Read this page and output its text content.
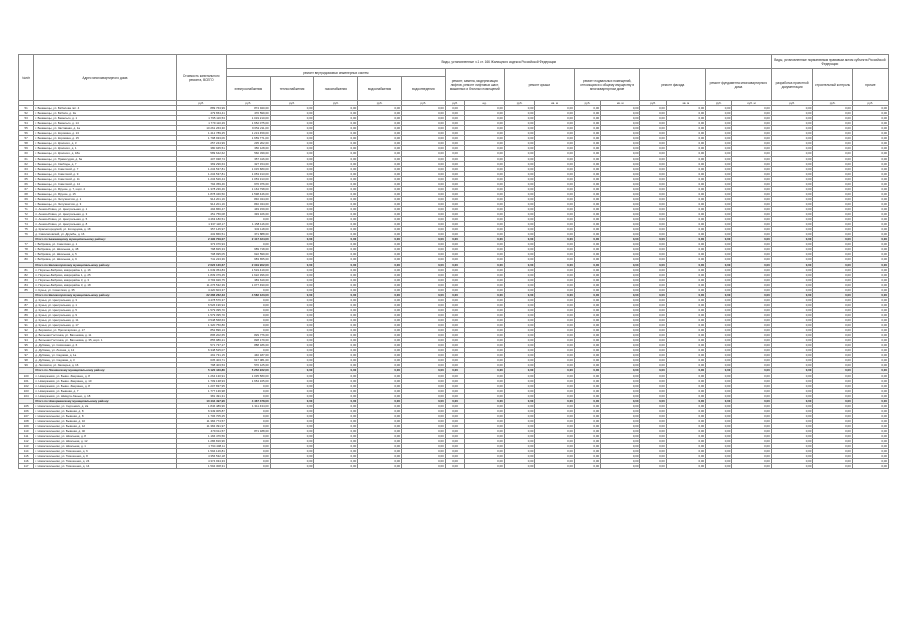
№п/п	Адрес многоквартирного дома	Стоимость капитального ремонта, ВСЕГО	Виды, установленные ч.1 ст. 166 Жилищного кодекса Российской Федерации															Виды, установленные нормативным правовым актом субъекта Российской Федерации		
			ремонт внутридомовых инженерных систем					ремонт, замена, модернизация лифтов, ремонт лифтовых шахт, машинных и блочных помещений		ремонт крыши		ремонт подвальных помещений, относящихся к общему имуществу в многоквартирном доме		ремонт фасада		ремонт фундамента многоквартирного дома		разработка проектной документации	строительный контроль	прочие
			электроснабжения	теплоснабжения	газоснабжения	водоснабжения	водоотведения													
		руб.	руб.	руб.	руб.	руб.	руб.	руб.	ед.	руб.	кв. м	руб.	кв. м	руб.	кв. м	руб.	куб. м	руб.	руб.	руб.
51	г. Бежаницы, ул. Бэбилова лит. 4	889 763,99	874 940,00	0,00	0,00	0,00	0,00	0,00	0,00	0,00	0,00	0,00	0,00	0,00	0,00	0,00	0,00	0,00	0,00	0,00
52	г. Бежаницы, ул. Бэбила, д. 3а	479 654,41	470 599,00	0,00	0,00	0,00	0,00	0,00	0,00	0,00	0,00	0,00	0,00	0,00	0,00	0,00	0,00	0,00	0,00	0,00
53	г. Бежаницы, ул. Бевельсо, д. 1	1 795 116,53	1 019 210,00	0,00	0,00	0,00	0,00	0,00	0,00	0,00	0,00	0,00	0,00	0,00	0,00	0,00	0,00	0,00	0,00	0,00
54	г. Бежаницы, ул. Бевельсо, д. 14	1 779 110,29	1 652 075,00	0,00	0,00	0,00	0,00	0,00	0,00	0,00	0,00	0,00	0,00	0,00	0,00	0,00	0,00	0,00	0,00	0,00
55	г. Бежаницы, ул. Заставная, д. 1а	10 261 263,30	9 652 211,00	0,00	0,00	0,00	0,00	0,00	0,00	0,00	0,00	0,00	0,00	0,00	0,00	0,00	0,00	0,00	0,00	0,00
56	г. Бежаницы, ул. Коровина, д. 13	1 412 789,25	1 213 459,00	0,00	0,00	0,00	0,00	0,00	0,00	0,00	0,00	0,00	0,00	0,00	0,00	0,00	0,00	0,00	0,00	0,00
57	г. Бежаницы, ул. Коровина, д. 15	1 798 933,06	1 659 771,00	0,00	0,00	0,00	0,00	0,00	0,00	0,00	0,00	0,00	0,00	0,00	0,00	0,00	0,00	0,00	0,00	0,00
58	г. Бежаницы, ул. Красного, д. 3	257 244,99	235 202,00	0,00	0,00	0,00	0,00	0,00	0,00	0,00	0,00	0,00	0,00	0,00	0,00	0,00	0,00	0,00	0,00	0,00
59	г. Бежаницы, ул. Красного, д. 1	380 945,51	356 128,00	0,00	0,00	0,00	0,00	0,00	0,00	0,00	0,00	0,00	0,00	0,00	0,00	0,00	0,00	0,00	0,00	0,00
60	г. Бежаницы, ул. Красного, д. 18а	589 642,62	560 339,00	0,00	0,00	0,00	0,00	0,00	0,00	0,00	0,00	0,00	0,00	0,00	0,00	0,00	0,00	0,00	0,00	0,00
61	г. Бежаницы, ул. Правосудия, д. 6а	407 938,74	357 416,00	0,00	0,00	0,00	0,00	0,00	0,00	0,00	0,00	0,00	0,00	0,00	0,00	0,00	0,00	0,00	0,00	0,00
62	г. Бежаницы, ул. Свободы, д. 7	369 296,63	327 154,00	0,00	0,00	0,00	0,00	0,00	0,00	0,00	0,00	0,00	0,00	0,00	0,00	0,00	0,00	0,00	0,00	0,00
63	г. Бежаницы, ул. Советской, д. 7	1 234 537,81	1 015 680,00	0,00	0,00	0,00	0,00	0,00	0,00	0,00	0,00	0,00	0,00	0,00	0,00	0,00	0,00	0,00	0,00	0,00
64	г. Бежаницы, ул. Советской, д. 9	1 234 537,81	1 053 313,00	0,00	0,00	0,00	0,00	0,00	0,00	0,00	0,00	0,00	0,00	0,00	0,00	0,00	0,00	0,00	0,00	0,00
65	г. Бежаницы, ул. Советской, д. 11	1 234 526,44	1 053 313,00	0,00	0,00	0,00	0,00	0,00	0,00	0,00	0,00	0,00	0,00	0,00	0,00	0,00	0,00	0,00	0,00	0,00
66	г. Бежаницы, ул. Советской, д. 14	794 359,46	676 076,00	0,00	0,00	0,00	0,00	0,00	0,00	0,00	0,00	0,00	0,00	0,00	0,00	0,00	0,00	0,00	0,00	0,00
67	г. Бежаницы, ул. Фрунзе, д. 7, корп. 4	1 378 236,46	1 164 798,00	0,00	0,00	0,00	0,00	0,00	0,00	0,00	0,00	0,00	0,00	0,00	0,00	0,00	0,00	0,00	0,00	0,00
68	г. Бежаницы, ул. Фрунзе, д. 15	1 878 346,50	1 598 446,00	0,00	0,00	0,00	0,00	0,00	0,00	0,00	0,00	0,00	0,00	0,00	0,00	0,00	0,00	0,00	0,00	0,00
69	г. Бежаницы, ул. Энтузиастов, д. 1	914 201,16	840 434,00	0,00	0,00	0,00	0,00	0,00	0,00	0,00	0,00	0,00	0,00	0,00	0,00	0,00	0,00	0,00	0,00	0,00
70	г. Бежаницы, ул. Энтузиастов, д. 3	914 201,16	840 434,00	0,00	0,00	0,00	0,00	0,00	0,00	0,00	0,00	0,00	0,00	0,00	0,00	0,00	0,00	0,00	0,00	0,00
71	п. Ашево-Ровно, ул. Центральная, д. 1	494 866,47	449 159,00	0,00	0,00	0,00	0,00	0,00	0,00	0,00	0,00	0,00	0,00	0,00	0,00	0,00	0,00	0,00	0,00	0,00
72	п. Ашево-Ровно, ул. Центральная, д. 3	451 756,08	393 106,00	0,00	0,00	0,00	0,00	0,00	0,00	0,00	0,00	0,00	0,00	0,00	0,00	0,00	0,00	0,00	0,00	0,00
73	п. Ашево-Ровно, ул. Центральная, д. 5	4 463 180,51	0,00	0,00	0,00	0,00	0,00	0,00	0,00	0,00	0,00	0,00	0,00	0,00	0,00	0,00	0,00	0,00	0,00	0,00
74	п. Ашево-Ровно, ул. Центральная, д. 8	1 337 118,17	1 158 116,00	0,00	0,00	0,00	0,00	0,00	0,00	0,00	0,00	0,00	0,00	0,00	0,00	0,00	0,00	0,00	0,00	0,00
75	д. Красногородский, ул. Колодцова, д. 18	357 145,97	332 118,00	0,00	0,00	0,00	0,00	0,00	0,00	0,00	0,00	0,00	0,00	0,00	0,00	0,00	0,00	0,00	0,00	0,00
76	д. Сиволаповский, ул. Дружбы, д. 16	432 866,51	371 888,00	0,00	0,00	0,00	0,00	0,00	0,00	0,00	0,00	0,00	0,00	0,00	0,00	0,00	0,00	0,00	0,00	0,00
	Итого по Бежаницкому муниципальному району:	2 490 709,07	2 417 424,00	0,00	0,00	0,00	0,00	0,00	0,00	0,00	0,00	0,00	0,00	0,00	0,00	0,00	0,00	0,00	0,00	0,00
77	г. Бобровка, ул. Советская, д. 1	373 076,93	0,00	0,00	0,00	0,00	0,00	0,00	0,00	0,00	0,00	0,00	0,00	0,00	0,00	0,00	0,00	0,00	0,00	0,00
78	г. Бобровка, ул. Школьная, д. 48	798 825,33	689 718,00	0,00	0,00	0,00	0,00	0,00	0,00	0,00	0,00	0,00	0,00	0,00	0,00	0,00	0,00	0,00	0,00	0,00
79	г. Бобровка, ул. Школьная, д. 5	708 995,05	622 599,00	0,00	0,00	0,00	0,00	0,00	0,00	0,00	0,00	0,00	0,00	0,00	0,00	0,00	0,00	0,00	0,00	0,00
80	г. Бобровка, ул. Школьная, д. 9	741 223,36	683 655,00	0,00	0,00	0,00	0,00	0,00	0,00	0,00	0,00	0,00	0,00	0,00	0,00	0,00	0,00	0,00	0,00	0,00
	Итого по Великолукскому муниципальному району:	2 622 120,67	2 319 902,00	0,00	0,00	0,00	0,00	0,00	0,00	0,00	0,00	0,00	0,00	0,00	0,00	0,00	0,00	0,00	0,00	0,00
81	п. Поречье-Беброво, микрорайон 1, д. 16	1 649 354,83	1 519 419,00	0,00	0,00	0,00	0,00	0,00	0,00	0,00	0,00	0,00	0,00	0,00	0,00	0,00	0,00	0,00	0,00	0,00
82	п. Поречье-Беброво, микрорайон 1, д. 25	1 839 379,45	1 622 396,00	0,00	0,00	0,00	0,00	0,00	0,00	0,00	0,00	0,00	0,00	0,00	0,00	0,00	0,00	0,00	0,00	0,00
83	п. Поречье-Беброво, микрорайон 3, д. 3	3 793 926,75	383 619,00	0,00	0,00	0,00	0,00	0,00	0,00	0,00	0,00	0,00	0,00	0,00	0,00	0,00	0,00	0,00	0,00	0,00
84	п. Поречье-Беброво, микрорайон 3, д. 18	11 276 532,39	1 077 490,00	0,00	0,00	0,00	0,00	0,00	0,00	0,00	0,00	0,00	0,00	0,00	0,00	0,00	0,00	0,00	0,00	0,00
85	п. Кунья, ул. Советская, д. 35	4 420 603,37	0,00	0,00	0,00	0,00	0,00	0,00	0,00	0,00	0,00	0,00	0,00	0,00	0,00	0,00	0,00	0,00	0,00	0,00
	Итого по Великолукскому муниципальному району:	22 386 262,33	4 582 123,00	0,00	0,00	0,00	0,00	0,00	0,00	0,00	0,00	0,00	0,00	0,00	0,00	0,00	0,00	0,00	0,00	0,00
86	д. Кунья, ул. Центральная, д. 3	4 478 576,37	0,00	0,00	0,00	0,00	0,00	0,00	0,00	0,00	0,00	0,00	0,00	0,00	0,00	0,00	0,00	0,00	0,00	0,00
87	д. Кунья, ул. Центральная, д. 1	6 526 196,94	0,00	0,00	0,00	0,00	0,00	0,00	0,00	0,00	0,00	0,00	0,00	0,00	0,00	0,00	0,00	0,00	0,00	0,00
88	д. Кунья, ул. Центральная, д. 5	1 579 395,70	0,00	0,00	0,00	0,00	0,00	0,00	0,00	0,00	0,00	0,00	0,00	0,00	0,00	0,00	0,00	0,00	0,00	0,00
89	д. Кунья, ул. Центральная, д. 9	1 579 395,70	0,00	0,00	0,00	0,00	0,00	0,00	0,00	0,00	0,00	0,00	0,00	0,00	0,00	0,00	0,00	0,00	0,00	0,00
90	д. Кунья, ул. Центральная, д. 11	3 548 568,63	0,00	0,00	0,00	0,00	0,00	0,00	0,00	0,00	0,00	0,00	0,00	0,00	0,00	0,00	0,00	0,00	0,00	0,00
91	д. Кунья, ул. Центральная, д. 17	1 320 750,80	0,00	0,00	0,00	0,00	0,00	0,00	0,00	0,00	0,00	0,00	0,00	0,00	0,00	0,00	0,00	0,00	0,00	0,00
92	д. Боровичи, ул. Пролетарская, д. 17	852 896,13	0,00	0,00	0,00	0,00	0,00	0,00	0,00	0,00	0,00	0,00	0,00	0,00	0,00	0,00	0,00	0,00	0,00	0,00
93	д. Большая Гостинка, ул. Вагоновка, д. 11	895 202,65	829 776,00	0,00	0,00	0,00	0,00	0,00	0,00	0,00	0,00	0,00	0,00	0,00	0,00	0,00	0,00	0,00	0,00	0,00
94	д. Большая Гостинка, ул. Вагоновка, д. 35, корп. 1	855 986,21	828 179,00	0,00	0,00	0,00	0,00	0,00	0,00	0,00	0,00	0,00	0,00	0,00	0,00	0,00	0,00	0,00	0,00	0,00
95	д. Дубовец, ул. Совхозная, д. 6	571 737,27	888 186,00	0,00	0,00	0,00	0,00	0,00	0,00	0,00	0,00	0,00	0,00	0,00	0,00	0,00	0,00	0,00	0,00	0,00
96	д. Дубовец, ул. Лесная, д. 12	6 348 525,07	0,00	0,00	0,00	0,00	0,00	0,00	0,00	0,00	0,00	0,00	0,00	0,00	0,00	0,00	0,00	0,00	0,00	0,00
97	д. Дубовец, ул. Садовая, д. 1а	491 731,15	440 187,00	0,00	0,00	0,00	0,00	0,00	0,00	0,00	0,00	0,00	0,00	0,00	0,00	0,00	0,00	0,00	0,00	0,00
98	д. Дубовец, ул. Садовая, д. 3	635 403,71	617 081,00	0,00	0,00	0,00	0,00	0,00	0,00	0,00	0,00	0,00	0,00	0,00	0,00	0,00	0,00	0,00	0,00	0,00
99	д. Лесовичи, ул. Заозерья, д. 16	798 403,53	570 125,00	0,00	0,00	0,00	0,00	0,00	0,00	0,00	0,00	0,00	0,00	0,00	0,00	0,00	0,00	0,00	0,00	0,00
	Итого по Локнянскому муниципальному району:	5 120 440,86	5 252 222,00	0,00	0,00	0,00	0,00	0,00	0,00	0,00	0,00	0,00	0,00	0,00	0,00	0,00	0,00	0,00	0,00	0,00
100	п. Новоржевск, ул. Бывш. Зверинец, д. 8	1 264 130,91	1 035 580,00	0,00	0,00	0,00	0,00	0,00	0,00	0,00	0,00	0,00	0,00	0,00	0,00	0,00	0,00	0,00	0,00	0,00
101	п. Новоржевск, ул. Бывш. Зверинец, д. 10	1 709 138,93	1 654 165,00	0,00	0,00	0,00	0,00	0,00	0,00	0,00	0,00	0,00	0,00	0,00	0,00	0,00	0,00	0,00	0,00	0,00
102	п. Новоржевск, ул. Бывш. Зверинец, д. 8	1 207 837,95	0,00	0,00	0,00	0,00	0,00	0,00	0,00	0,00	0,00	0,00	0,00	0,00	0,00	0,00	0,00	0,00	0,00	0,00
103	п. Новоржевск, ул. Бывшая, д. 7	1 777 136,98	0,00	0,00	0,00	0,00	0,00	0,00	0,00	0,00	0,00	0,00	0,00	0,00	0,00	0,00	0,00	0,00	0,00	0,00
104	п. Новоржевск, ул. Шмидта-Ханько, д. 18	381 491,31	0,00	0,00	0,00	0,00	0,00	0,00	0,00	0,00	0,00	0,00	0,00	0,00	0,00	0,00	0,00	0,00	0,00	0,00
	Итого по Новоржевскому муниципальному району:	10 434 497,96	4 467 478,00	0,00	0,00	0,00	0,00	0,00	0,00	0,00	0,00	0,00	0,00	0,00	0,00	0,00	0,00	0,00	0,00	0,00
105	г. Новосокольники, ул. Сергеевич, д. 2а	1 846 489,96	1 311 434,00	0,00	0,00	0,00	0,00	0,00	0,00	0,00	0,00	0,00	0,00	0,00	0,00	0,00	0,00	0,00	0,00	0,00
106	г. Новосокольники, ул. Бывшая, д. 8	6 349 005,87	0,00	0,00	0,00	0,00	0,00	0,00	0,00	0,00	0,00	0,00	0,00	0,00	0,00	0,00	0,00	0,00	0,00	0,00
107	г. Новосокольники, ул. Бывшая, д. 8	1 706 705,25	0,00	0,00	0,00	0,00	0,00	0,00	0,00	0,00	0,00	0,00	0,00	0,00	0,00	0,00	0,00	0,00	0,00	0,00
108	г. Новосокольники, ул. Бывшая, д. 10	11 384 774,57	0,00	0,00	0,00	0,00	0,00	0,00	0,00	0,00	0,00	0,00	0,00	0,00	0,00	0,00	0,00	0,00	0,00	0,00
109	г. Новосокольники, ул. Бывшая, д. 12	11 384 391,97	0,00	0,00	0,00	0,00	0,00	0,00	0,00	0,00	0,00	0,00	0,00	0,00	0,00	0,00	0,00	0,00	0,00	0,00
110	г. Новосокольники, ул. Бывшая, д. 40	479 611,57	871 188,00	0,00	0,00	0,00	0,00	0,00	0,00	0,00	0,00	0,00	0,00	0,00	0,00	0,00	0,00	0,00	0,00	0,00
111	г. Новосокольники, ул. Школьная, д. 8	1 166 476,56	0,00	0,00	0,00	0,00	0,00	0,00	0,00	0,00	0,00	0,00	0,00	0,00	0,00	0,00	0,00	0,00	0,00	0,00
112	г. Новосокольники, ул. Школьная, д. 12	1 286 816,96	0,00	0,00	0,00	0,00	0,00	0,00	0,00	0,00	0,00	0,00	0,00	0,00	0,00	0,00	0,00	0,00	0,00	0,00
113	г. Новосокольники, ул. Школьная, д. 1	1 794 408,11	0,00	0,00	0,00	0,00	0,00	0,00	0,00	0,00	0,00	0,00	0,00	0,00	0,00	0,00	0,00	0,00	0,00	0,00
114	г. Новосокольники, ул. Тимошенко, д. 6	1 594 126,81	0,00	0,00	0,00	0,00	0,00	0,00	0,00	0,00	0,00	0,00	0,00	0,00	0,00	0,00	0,00	0,00	0,00	0,00
115	г. Новосокольники, ул. Тимошенко, д. 8	4 356 532,18	0,00	0,00	0,00	0,00	0,00	0,00	0,00	0,00	0,00	0,00	0,00	0,00	0,00	0,00	0,00	0,00	0,00	0,00
116	г. Новосокольники, ул. Тимошенко, д. 24	4 374 934,33	0,00	0,00	0,00	0,00	0,00	0,00	0,00	0,00	0,00	0,00	0,00	0,00	0,00	0,00	0,00	0,00	0,00	0,00
117	г. Новосокольники, ул. Тимошенко, д. 14	1 594 308,31	0,00	0,00	0,00	0,00	0,00	0,00	0,00	0,00	0,00	0,00	0,00	0,00	0,00	0,00	0,00	0,00	0,00	0,00
